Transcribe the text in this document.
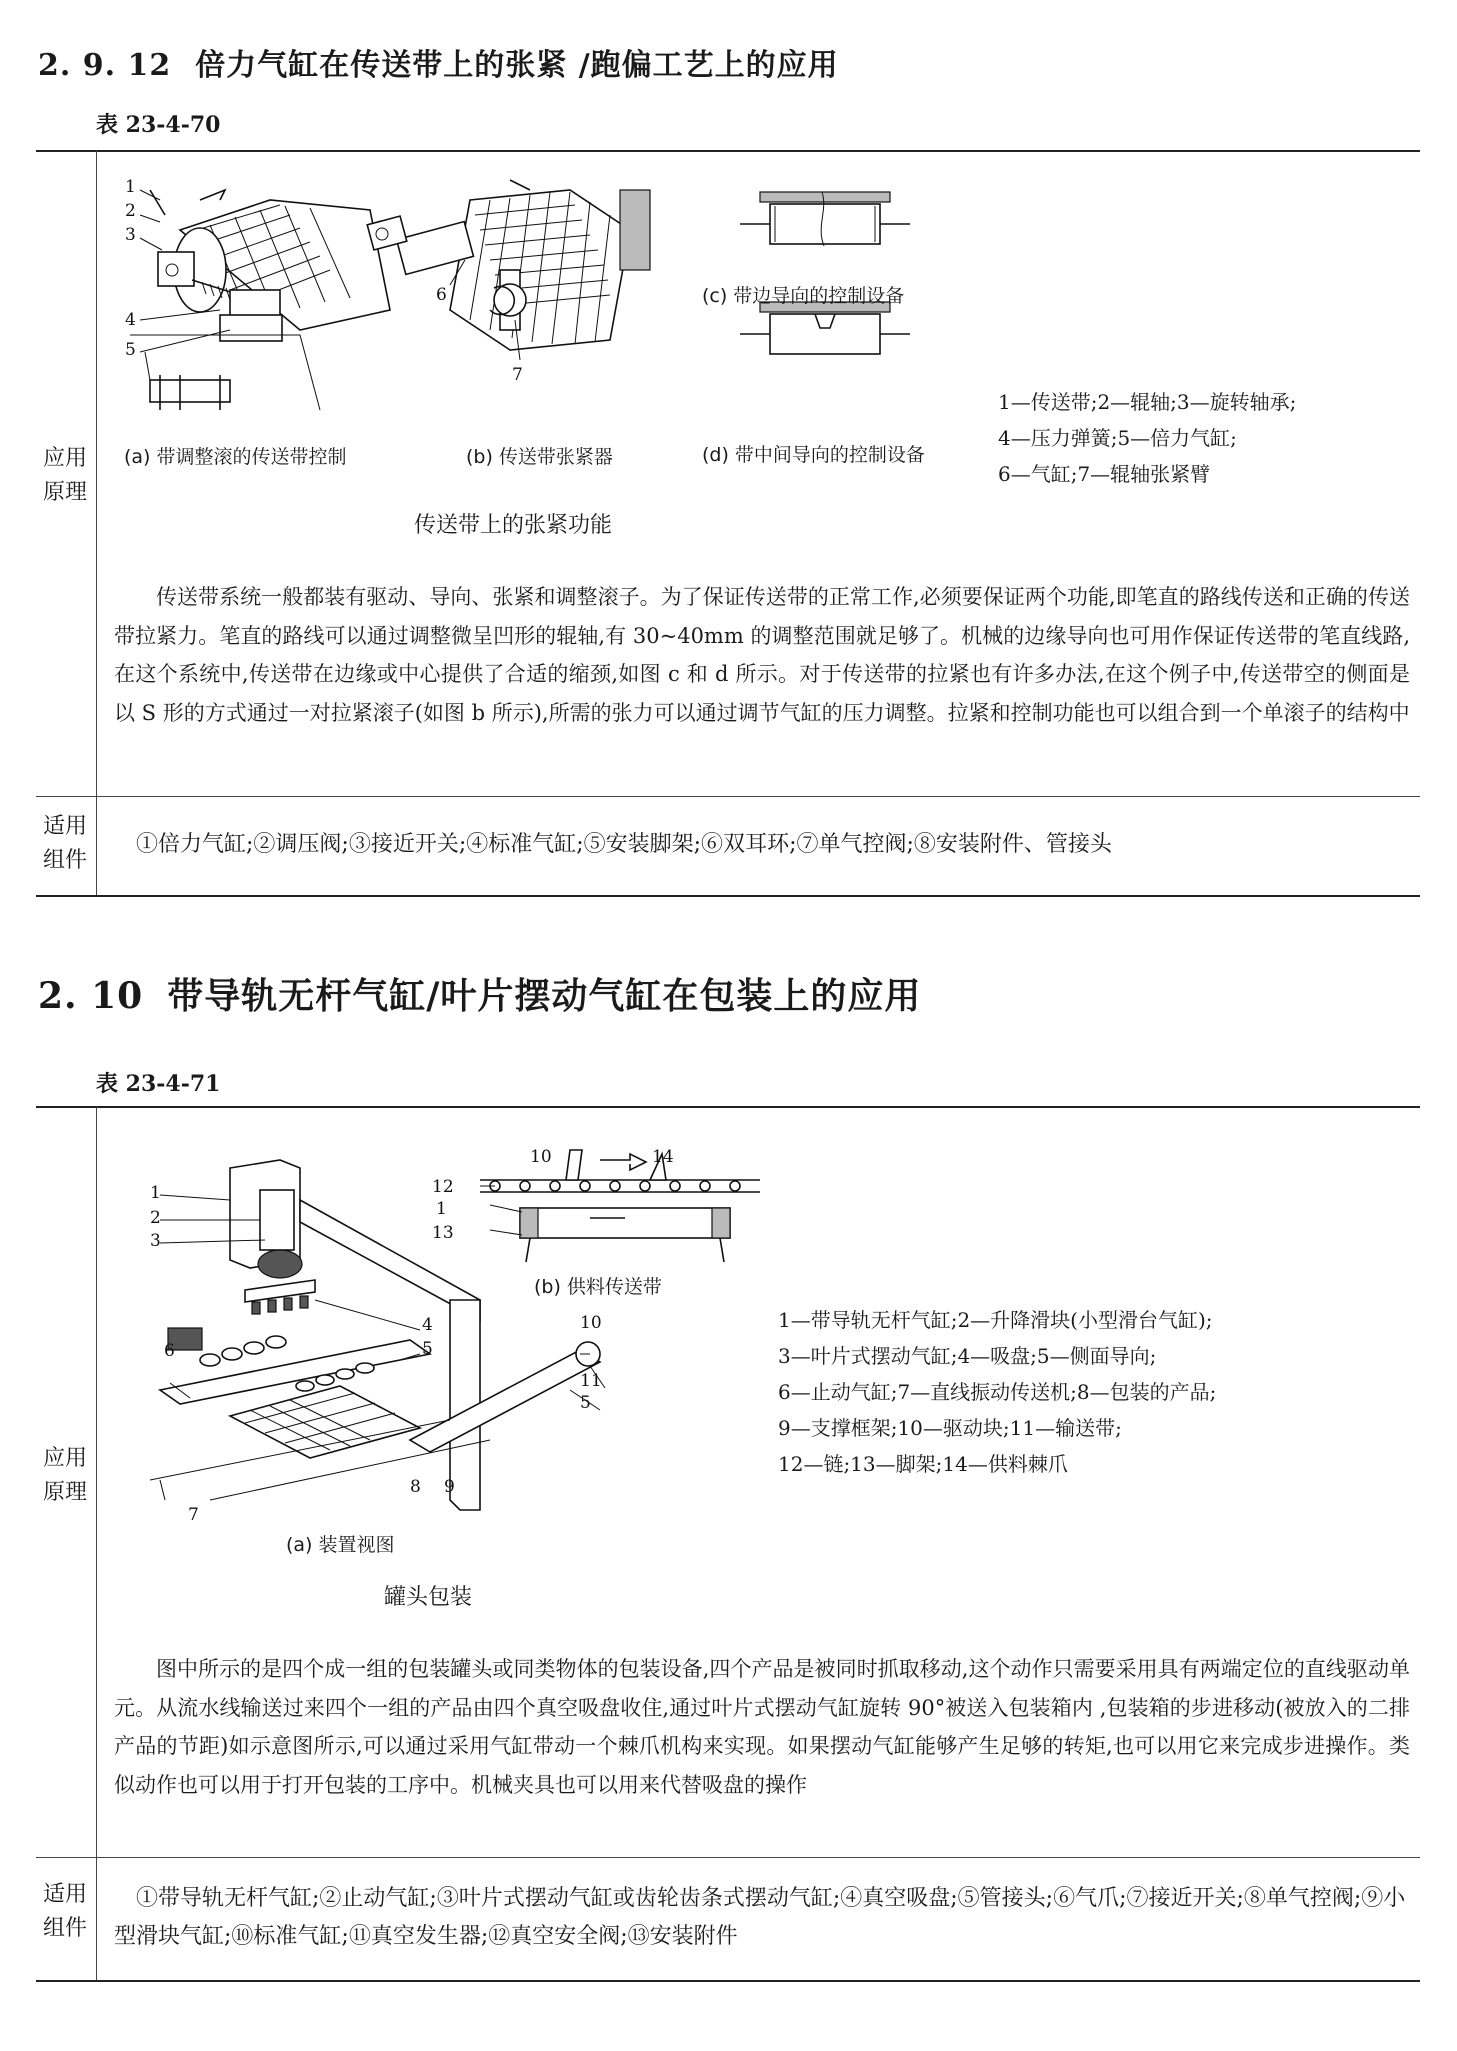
2. 9. 12 倍力气缸在传送带上的张紧 /跑偏工艺上的应用
表 23-4-70
应用
原理
适用
组件
1
2
3
4
5
6
7
(a) 带调整滚的传送带控制	(b) 传送带张紧器
(c) 带边导向的控制设备
(d) 带中间导向的控制设备
传送带上的张紧功能
1—传送带;2—辊轴;3—旋转轴承;
4—压力弹簧;5—倍力气缸;
6—气缸;7—辊轴张紧臂
传送带系统一般都装有驱动、导向、张紧和调整滚子。为了保证传送带的正常工作,必须要保证两个功能,即笔直的路线传送和正确的传送带拉紧力。笔直的路线可以通过调整微呈凹形的辊轴,有 30~40mm 的调整范围就足够了。机械的边缘导向也可用作保证传送带的笔直线路,在这个系统中,传送带在边缘或中心提供了合适的缩颈,如图 c 和 d 所示。对于传送带的拉紧也有许多办法,在这个例子中,传送带空的侧面是以 S 形的方式通过一对拉紧滚子(如图 b 所示),所需的张力可以通过调节气缸的压力调整。拉紧和控制功能也可以组合到一个单滚子的结构中
①倍力气缸;②调压阀;③接近开关;④标准气缸;⑤安装脚架;⑥双耳环;⑦单气控阀;⑧安装附件、管接头
2. 10 带导轨无杆气缸/叶片摆动气缸在包装上的应用
表 23-4-71
应用
原理
适用
组件
10	14
12
1
13
1
2
3
4
5
6
7
8 9
10
11
5
(b) 供料传送带
(a) 装置视图
罐头包装
1—带导轨无杆气缸;2—升降滑块(小型滑台气缸);
3—叶片式摆动气缸;4—吸盘;5—侧面导向;
6—止动气缸;7—直线振动传送机;8—包装的产品;
9—支撑框架;10—驱动块;11—输送带;
12—链;13—脚架;14—供料棘爪
图中所示的是四个成一组的包装罐头或同类物体的包装设备,四个产品是被同时抓取移动,这个动作只需要采用具有两端定位的直线驱动单元。从流水线输送过来四个一组的产品由四个真空吸盘收住,通过叶片式摆动气缸旋转 90°被送入包装箱内 ,包装箱的步进移动(被放入的二排产品的节距)如示意图所示,可以通过采用气缸带动一个棘爪机构来实现。如果摆动气缸能够产生足够的转矩,也可以用它来完成步进操作。类似动作也可以用于打开包装的工序中。机械夹具也可以用来代替吸盘的操作
①带导轨无杆气缸;②止动气缸;③叶片式摆动气缸或齿轮齿条式摆动气缸;④真空吸盘;⑤管接头;⑥气爪;⑦接近开关;⑧单气控阀;⑨小型滑块气缸;⑩标准气缸;⑪真空发生器;⑫真空安全阀;⑬安装附件
